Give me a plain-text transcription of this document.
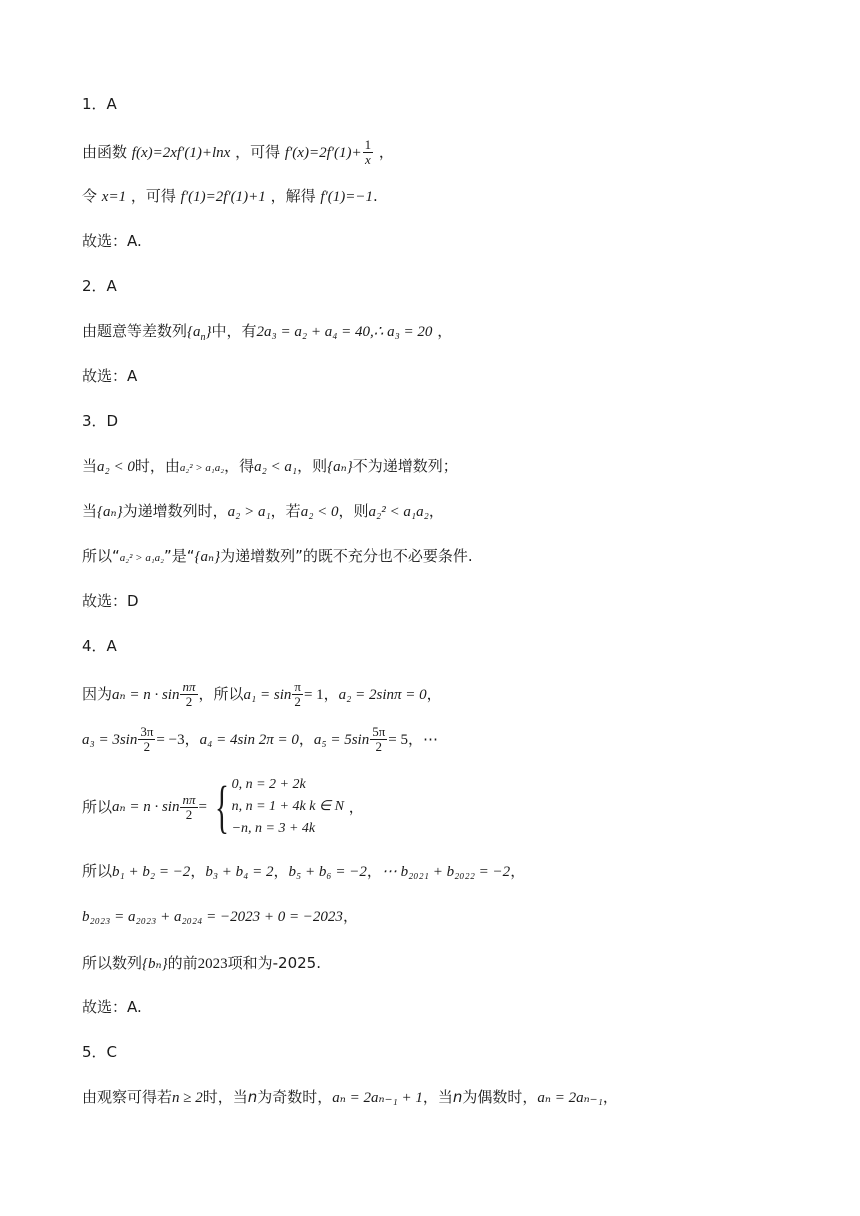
1．A
由函数 f(x)=2xf′(1)+lnx ，可得 $f'(x)=2f'(1)+ \frac{1}{x}$ ，
令 x=1 ，可得 f′(1)=2f′(1)+1 ，解得 f′(1)=−1.
故选：A.
2．A
由题意等差数列$\{a_n\}$中，有2a₃ = a₂ + a₄ = 40,∴ a₃ = 20 ，
故选：A
3．D
当a₂ < 0时，由a₂² > a₁a₂，得a₂ < a₁，则{aₙ}不为递增数列；
当{aₙ}为递增数列时，a₂ > a₁，若a₂ < 0，则a₂² < a₁a₂，
所以“a₂² > a₁a₂”是“{aₙ}为递增数列”的既不充分也不必要条件.
故选：D
4．A
因为$a_n = n \cdot \sin \frac{n\pi}{2}$ ，所以$a_1 = \sin \frac{\pi}{2} = 1$，a₂ = 2sinπ = 0，
$a_3 = 3\sin \frac{3\pi}{2} = -3$，a₄ = 4sin 2π = 0，$a_5 = 5\sin \frac{5\pi}{2} = 5$，⋯
所以$a_n = n \cdot \sin \frac{n\pi}{2}$ = { 0, n = 2 + 2k
n, n = 1 + 4k k ∈ N
−n, n = 3 + 4k
，
所以b₁ + b₂ = −2，b₃ + b₄ = 2，b₅ + b₆ = −2，⋯ b₂₀₂₁ + b₂₀₂₂ = −2，
b₂₀₂₃ = a₂₀₂₃ + a₂₀₂₄ = −2023 + 0 = −2023，
所以数列{bₙ}的前2023项和为-2025.
故选：A.
5．C
由观察可得若n ≥ 2时，当n为奇数时，aₙ = 2aₙ₋₁ + 1，当n为偶数时，aₙ = 2aₙ₋₁，
